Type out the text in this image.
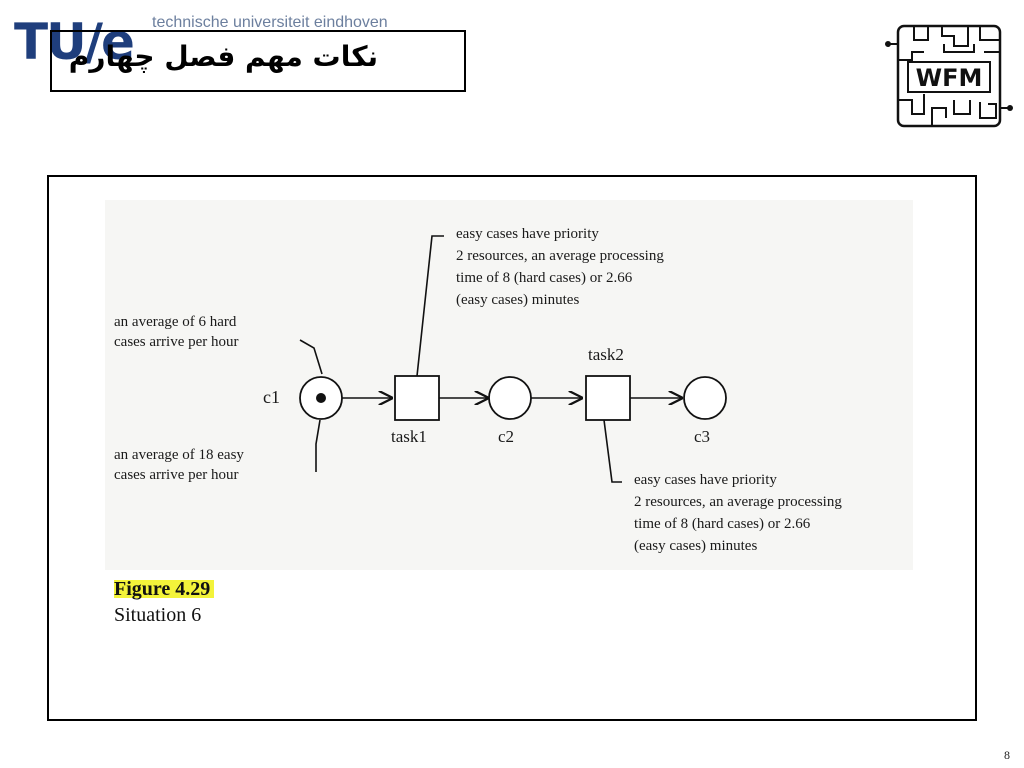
TU/e technische universiteit eindhoven
نکات مهم فصل چهارم
WFM
an average of 6 hard
cases arrive per hour
an average of 18 easy
cases arrive per hour
c1
task1
easy cases have priority
2 resources, an average processing
time of 8 (hard cases) or 2.66
(easy cases) minutes
c2
task2
easy cases have priority
2 resources, an average processing
time of 8 (hard cases) or 2.66
(easy cases) minutes
c3
Figure 4.29
Situation 6
8
